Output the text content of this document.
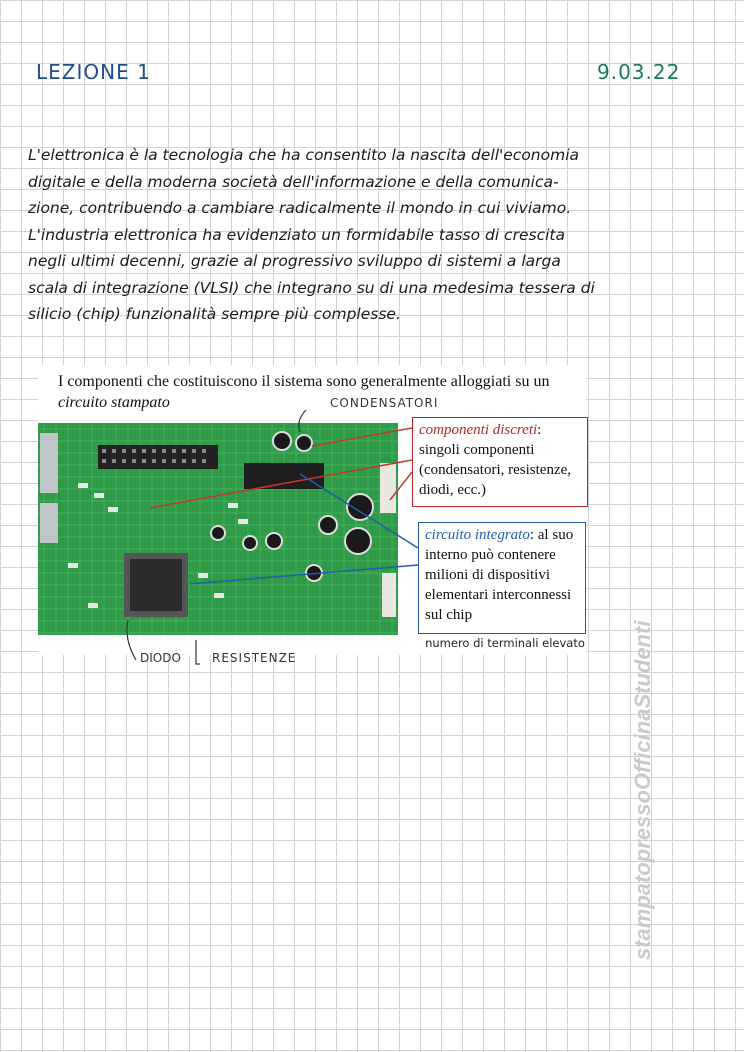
LEZIONE 1	9.03.22
L'elettronica è la tecnologia che ha consentito la nascita dell'economia
digitale e della moderna società dell'informazione e della comunica-
zione, contribuendo a cambiare radicalmente il mondo in cui viviamo.
L'industria elettronica ha evidenziato un formidabile tasso di crescita
negli ultimi decenni, grazie al progressivo sviluppo di sistemi a larga
scala di integrazione (VLSI) che integrano su di una medesima tessera di
silicio (chip) funzionalità sempre più complesse.
I componenti che costituiscono il sistema sono generalmente alloggiati su un circuito stampato
componenti discreti: singoli componenti (condensatori, resistenze, diodi, ecc.)
circuito integrato: al suo interno può contenere milioni di dispositivi elementari interconnessi sul chip
CONDENSATORI
numero di terminali elevato
DIODO	RESISTENZE	stampatopressoOfficinaStudenti
